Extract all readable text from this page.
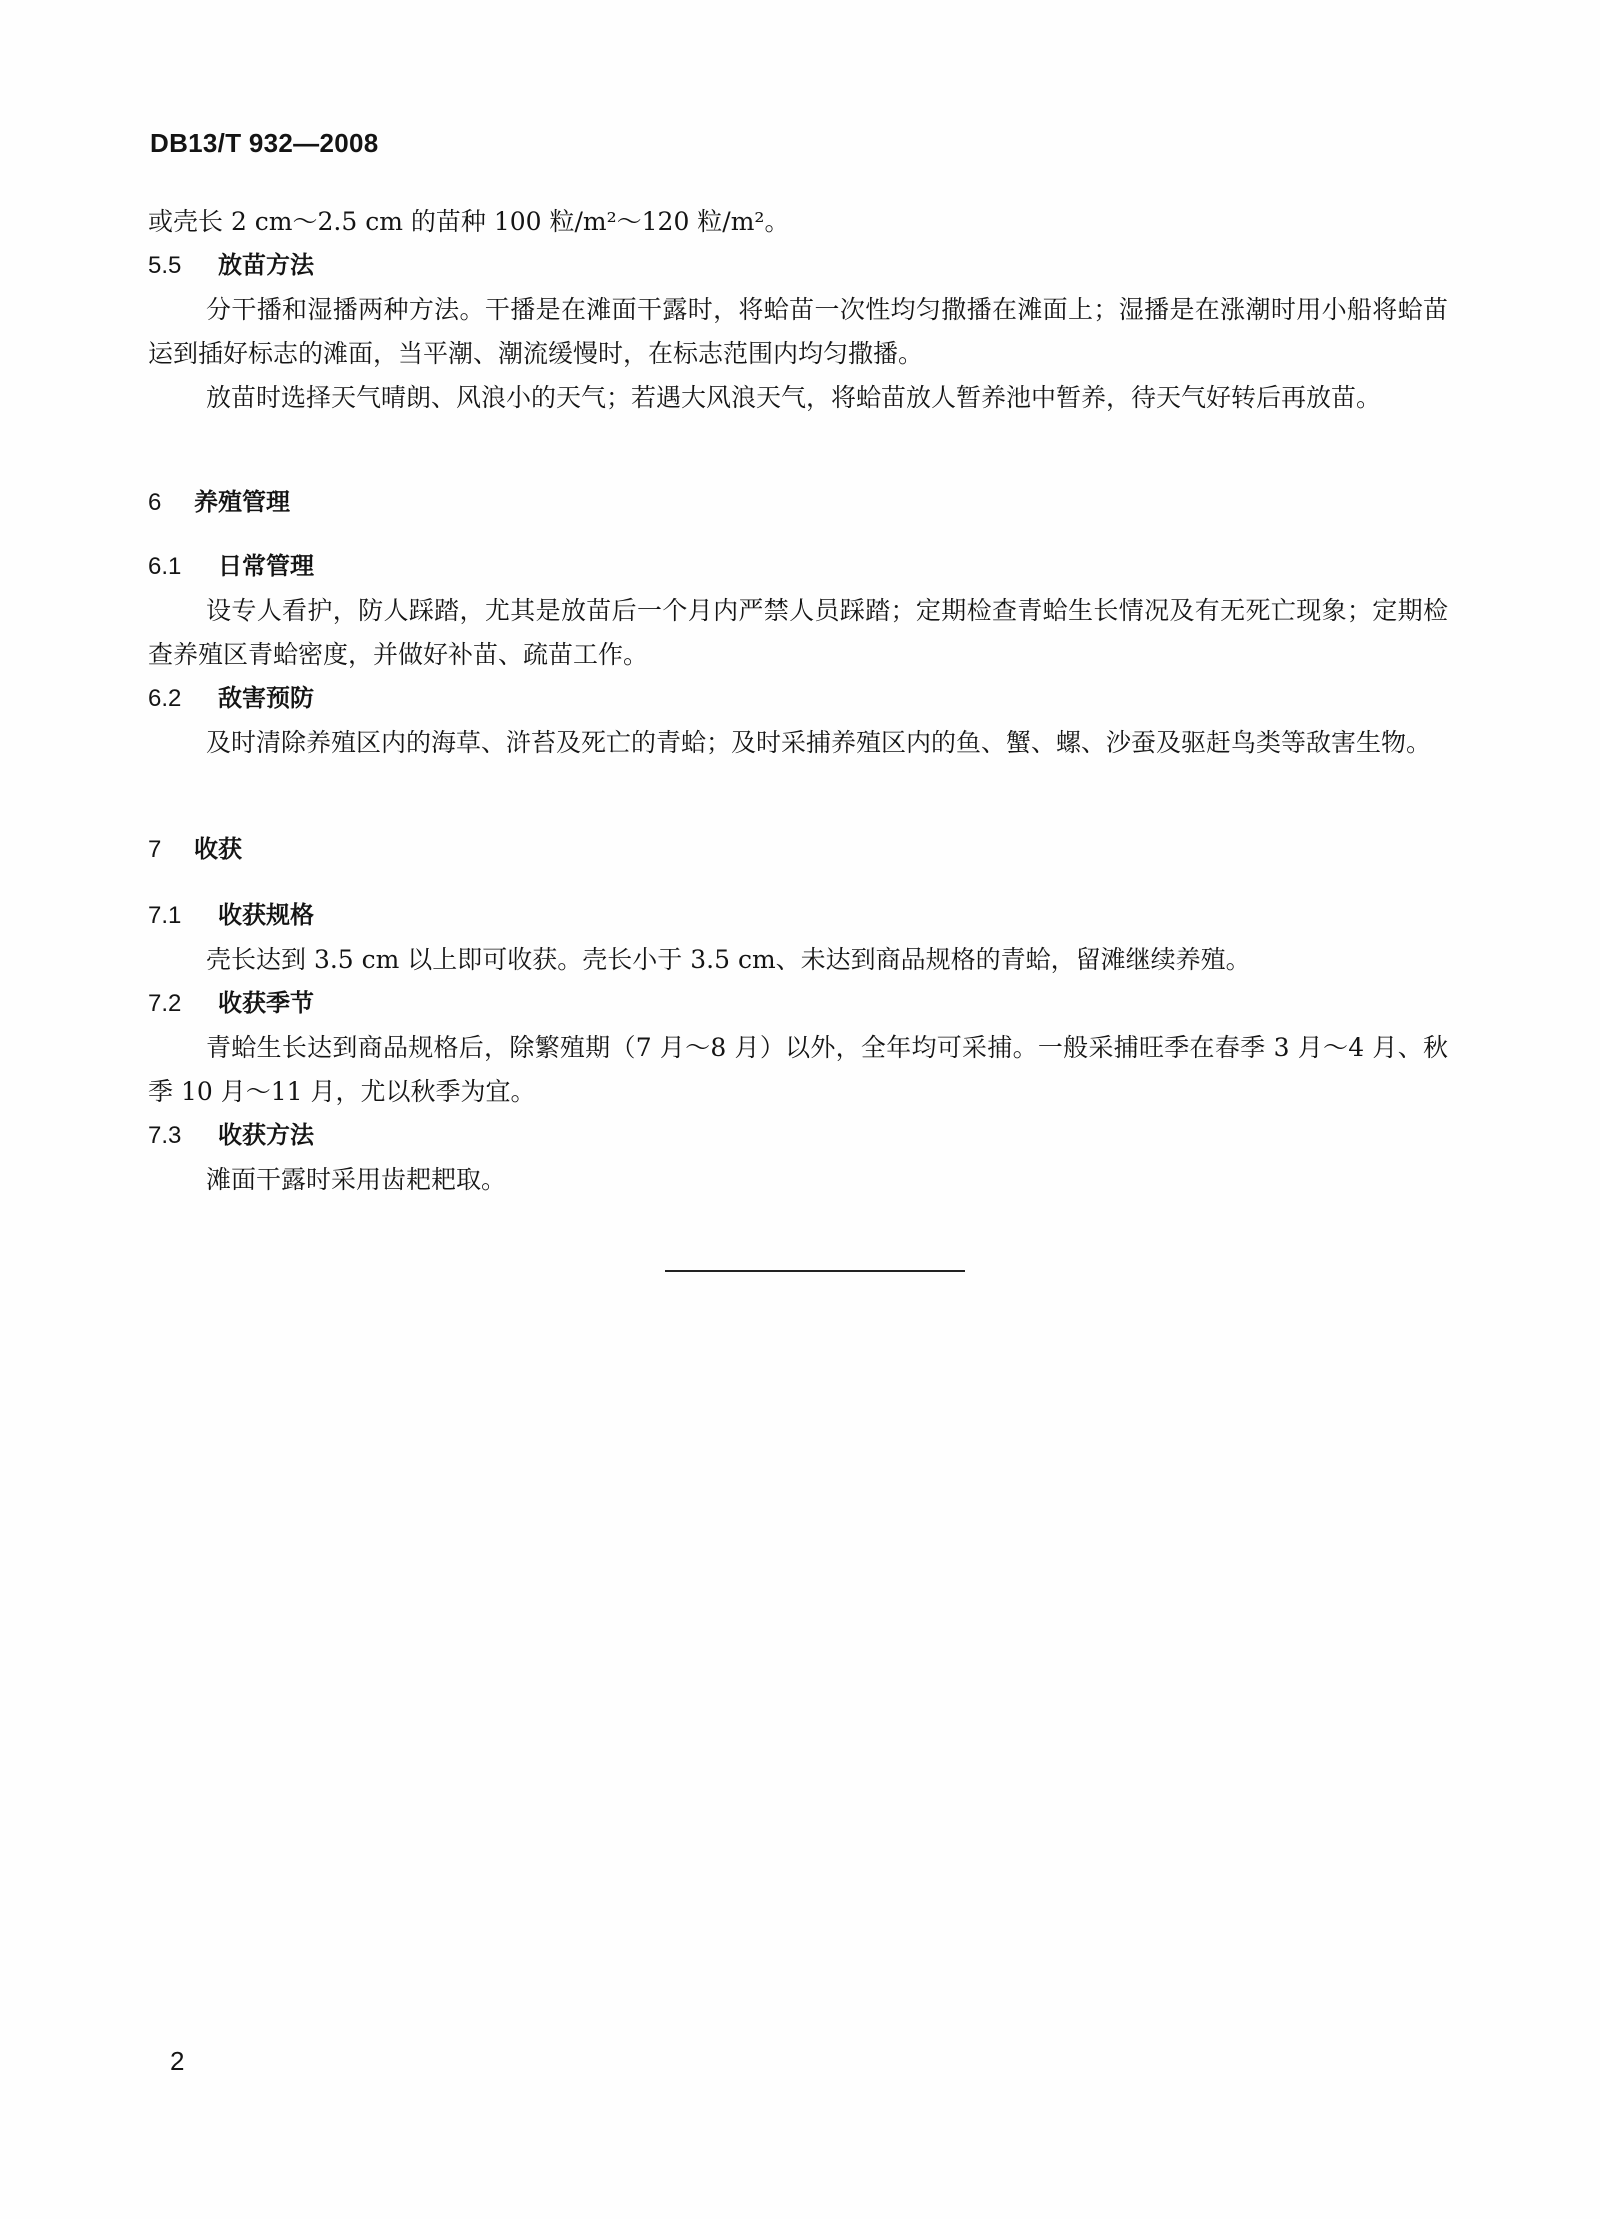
DB13/T 932—2008

或壳长 2 cm～2.5 cm 的苗种 100 粒/m²～120 粒/m²。

5.5 放苗方法

分干播和湿播两种方法。干播是在滩面干露时，将蛤苗一次性均匀撒播在滩面上；湿播是在涨潮时用小船将蛤苗运到插好标志的滩面，当平潮、潮流缓慢时，在标志范围内均匀撒播。

放苗时选择天气晴朗、风浪小的天气；若遇大风浪天气，将蛤苗放人暂养池中暂养，待天气好转后再放苗。

6 养殖管理
6.1 日常管理

设专人看护，防人踩踏，尤其是放苗后一个月内严禁人员踩踏；定期检查青蛤生长情况及有无死亡现象；定期检查养殖区青蛤密度，并做好补苗、疏苗工作。

6.2 敌害预防

及时清除养殖区内的海草、浒苔及死亡的青蛤；及时采捕养殖区内的鱼、蟹、螺、沙蚕及驱赶鸟类等敌害生物。

7 收获
7.1 收获规格

壳长达到 3.5 cm 以上即可收获。壳长小于 3.5 cm、未达到商品规格的青蛤，留滩继续养殖。

7.2 收获季节

青蛤生长达到商品规格后，除繁殖期（7 月～8 月）以外，全年均可采捕。一般采捕旺季在春季 3 月～4 月、秋季 10 月～11 月，尤以秋季为宜。

7.3 收获方法

滩面干露时采用齿耙耙取。

2
